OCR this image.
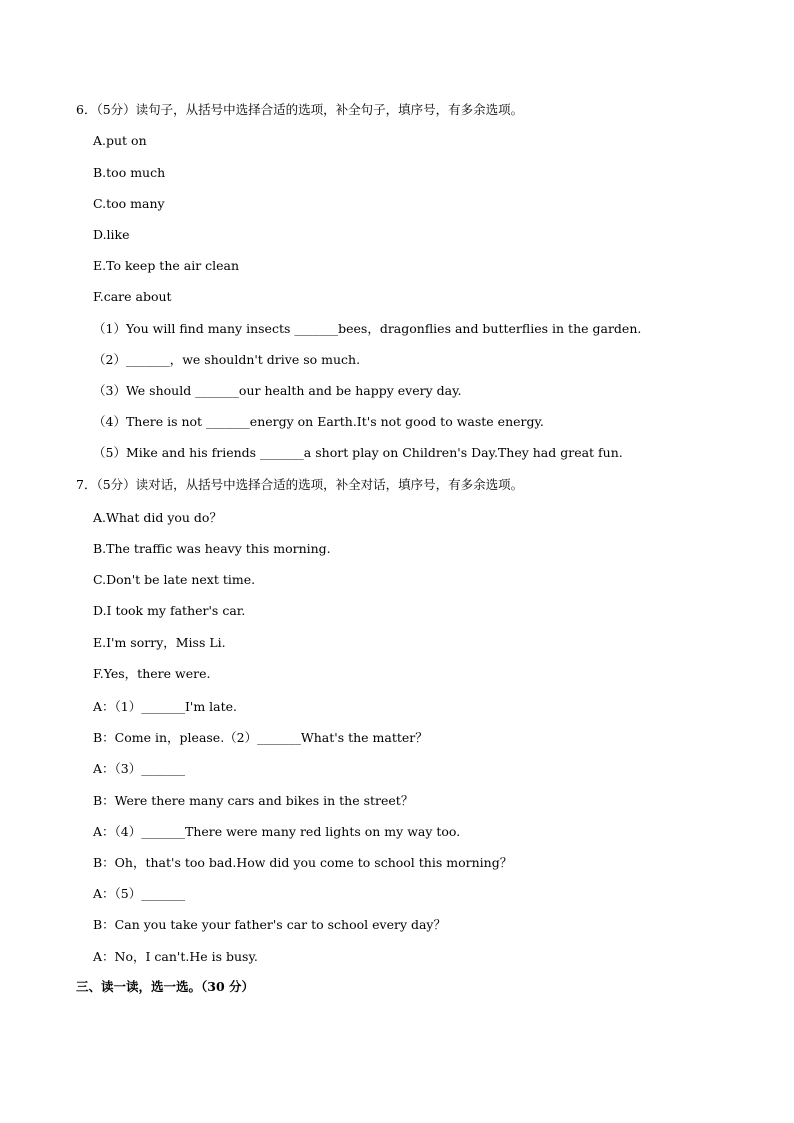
6．（5分）读句子，从括号中选择合适的选项，补全句子，填序号，有多余选项。
A.put on
B.too much
C.too many
D.like
E.To keep the air clean
F.care about
（1）You will find many insects _______bees，dragonflies and butterflies in the garden.
（2）_______，we shouldn't drive so much.
（3）We should _______our health and be happy every day.
（4）There is not _______energy on Earth.It's not good to waste energy.
（5）Mike and his friends _______a short play on Children's Day.They had great fun.
7．（5分）读对话，从括号中选择合适的选项，补全对话，填序号，有多余选项。
A.What did you do？
B.The traffic was heavy this morning.
C.Don't be late next time.
D.I took my father's car.
E.I'm sorry，Miss Li.
F.Yes，there were.
A：（1）_______I'm late.
B：Come in，please.（2）_______What's the matter？
A：（3）_______
B：Were there many cars and bikes in the street？
A：（4）_______There were many red lights on my way too.
B：Oh，that's too bad.How did you come to school this morning？
A：（5）_______
B：Can you take your father's car to school every day？
A：No，I can't.He is busy.
三、读一读，选一选。（30 分）
